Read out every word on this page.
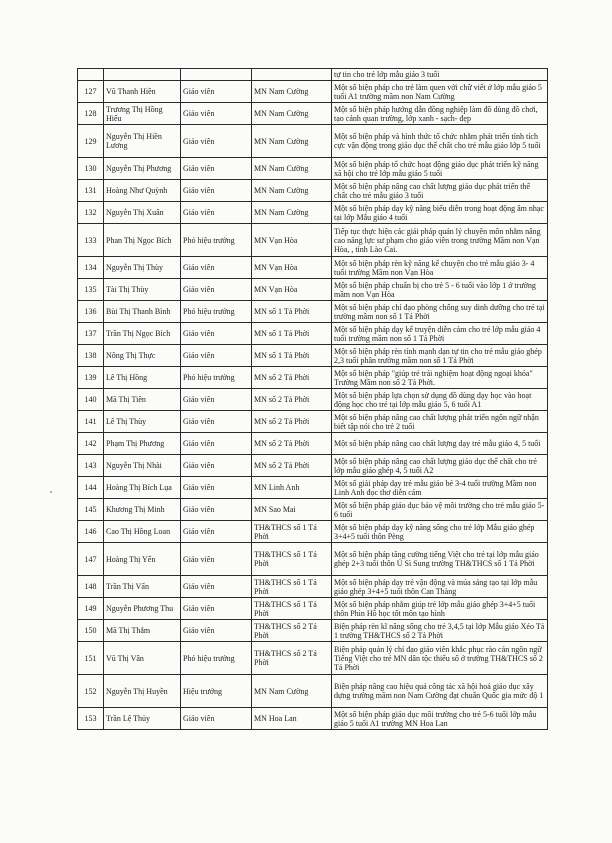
				tự tin cho trẻ lớp mẫu giáo 3 tuổi
127	Vũ Thanh Hiền	Giáo viên	MN Nam Cường	Một số biện pháp cho trẻ làm quen với chữ viết ở lớp mẫu giáo 5 tuổi A1 trường mầm non Nam Cường
128	Trương Thị Hồng Hiếu	Giáo viên	MN Nam Cường	Một số biện pháp hướng dẫn đồng nghiệp làm đồ dùng đồ chơi, tạo cảnh quan trường, lớp xanh - sạch- đẹp
129	Nguyễn Thị Hiền Lương	Giáo viên	MN Nam Cường	Một số biện pháp và hình thức tổ chức nhằm phát triển tính tích cực vận động trong giáo dục thể chất cho trẻ mẫu giáo lớp 5 tuổi
130	Nguyễn Thị Phương	Giáo viên	MN Nam Cường	Một số biện pháp tổ chức hoạt động giáo dục phát triển kỹ năng xã hội cho trẻ lớp mẫu giáo 5 tuổi
131	Hoàng Như Quỳnh	Giáo viên	MN Nam Cường	Một số biện pháp nâng cao chất lượng giáo dục phát triển thể chất cho trẻ mẫu giáo 3 tuổi
132	Nguyễn Thị Xuân	Giáo viên	MN Nam Cường	Một số biện pháp dạy kỹ năng biểu diễn trong hoạt động âm nhạc tại lớp Mẫu giáo 4 tuổi
133	Phan Thị Ngọc Bích	Phó hiệu trưởng	MN Vạn Hòa	Tiếp tục thực hiện các giải pháp quản lý chuyên môn nhằm nâng cao năng lực sư phạm cho giáo viên trong trường Mầm non Vạn Hòa, , tỉnh Lào Cai.
134	Nguyễn Thị Thùy	Giáo viên	MN Vạn Hòa	Một số biện pháp rèn kỹ năng kể chuyện cho trẻ mẫu giáo 3- 4 tuổi trường Mầm non Vạn Hòa
135	Tài Thị Thùy	Giáo viên	MN Vạn Hòa	Một số biện pháp chuẩn bị cho trẻ 5 - 6 tuổi vào lớp 1 ở trường mầm non Vạn Hòa
136	Bùi Thị Thanh Bình	Phó hiệu trưởng	MN số 1 Tả Phời	Một số biện pháp chỉ đạo phòng chống suy dinh dưỡng cho trẻ tại trường mầm non số 1 Tả Phời
137	Trần Thị Ngọc Bích	Giáo viên	MN số 1 Tả Phời	Một số biện pháp dạy kể truyện diễn cảm cho trẻ lớp mẫu giáo 4 tuổi trường mầm non số 1 Tả Phời
138	Nông Thị Thực	Giáo viên	MN số 1 Tả Phời	Một số biện pháp rèn tính mạnh dạn tự tin cho trẻ mẫu giáo ghép 2,3 tuổi phân trường mầm non số 1 Tả Phời
139	Lê Thị Hồng	Phó hiệu trưởng	MN số 2 Tả Phời	Một số biện pháp "giúp trẻ trải nghiệm hoạt động ngoại khóa" Trường Mầm non số 2 Tả Phời.
140	Mã Thị Tiên	Giáo viên	MN số 2 Tả Phời	Một số biện pháp lựa chọn sử dụng đồ dùng dạy học vào hoạt động học cho trẻ tại lớp mẫu giáo 5, 6 tuổi A1
141	Lê Thị Thùy	Giáo viên	MN số 2 Tả Phời	Một số biện pháp nâng cao chất lượng phát triển ngôn ngữ nhận biết tập nói cho trẻ 2 tuổi
142	Phạm Thị Phương	Giáo viên	MN số 2 Tả Phời	Một số biện pháp nâng cao chất lượng dạy trẻ mẫu giáo 4, 5 tuổi
143	Nguyễn Thị Nhài	Giáo viên	MN số 2 Tả Phời	Một số biện pháp nâng cao chất lượng giáo dục thể chất cho trẻ lớp mẫu giáo ghép 4, 5 tuổi A2
144	Hoàng Thị Bích Lụa	Giáo viên	MN Linh Anh	Một số giải pháp dạy trẻ mẫu giáo bé 3-4 tuổi trường Mầm non Linh Anh đọc thơ diễn cảm
145	Khương Thị Minh	Giáo viên	MN Sao Mai	Một số biện pháp giáo dục bảo vệ môi trường cho trẻ mẫu giáo 5-6 tuổi
146	Cao Thị Hồng Loan	Giáo viên	TH&THCS số 1 Tả Phời	Một số biện pháp dạy kỹ năng sống cho trẻ lớp Mẫu giáo ghép 3+4+5 tuổi thôn Pèng
147	Hoàng Thị Yến	Giáo viên	TH&THCS số 1 Tả Phời	Một số biện pháp tăng cường tiếng Việt cho trẻ tại lớp mẫu giáo ghép 2+3 tuổi thôn Ú Sì Sung trường TH&THCS số 1 Tả Phời
148	Trần Thị Vấn	Giáo viên	TH&THCS số 1 Tả Phời	Một số biện pháp dạy trẻ vận động và múa sáng tạo tại lớp mẫu giáo ghép 3+4+5 tuổi thôn Can Thàng
149	Nguyễn Phương Thu	Giáo viên	TH&THCS số 1 Tả Phời	Một số biện pháp nhằm giúp trẻ lớp mẫu giáo ghép 3+4+5 tuổi thôn Phìn Hồ học tốt môn tạo hình
150	Mã Thị Thắm	Giáo viên	TH&THCS số 2 Tả Phời	Biện pháp rèn kĩ năng sống cho trẻ 3,4,5 tại lớp Mẫu giáo Xéo Tả 1 trường TH&THCS số 2 Tả Phời
151	Vũ Thị Vân	Phó hiệu trưởng	TH&THCS số 2 Tả Phời	Biện pháp quản lý chỉ đạo giáo viên khắc phục rào cản ngôn ngữ Tiếng Việt cho trẻ MN dân tộc thiểu số ở trường TH&THCS số 2 Tả Phời
152	Nguyễn Thị Huyền	Hiệu trưởng	MN Nam Cường	Biện pháp nâng cao hiệu quả công tác xã hội hoá giáo dục xây dựng trường mầm non Nam Cường đạt chuẩn Quốc gia mức độ 1
153	Trần Lệ Thủy	Giáo viên	MN Hoa Lan	Một số biện pháp giáo dục môi trường cho trẻ 5-6 tuổi lớp mẫu giáo 5 tuổi A1 trường MN Hoa Lan
